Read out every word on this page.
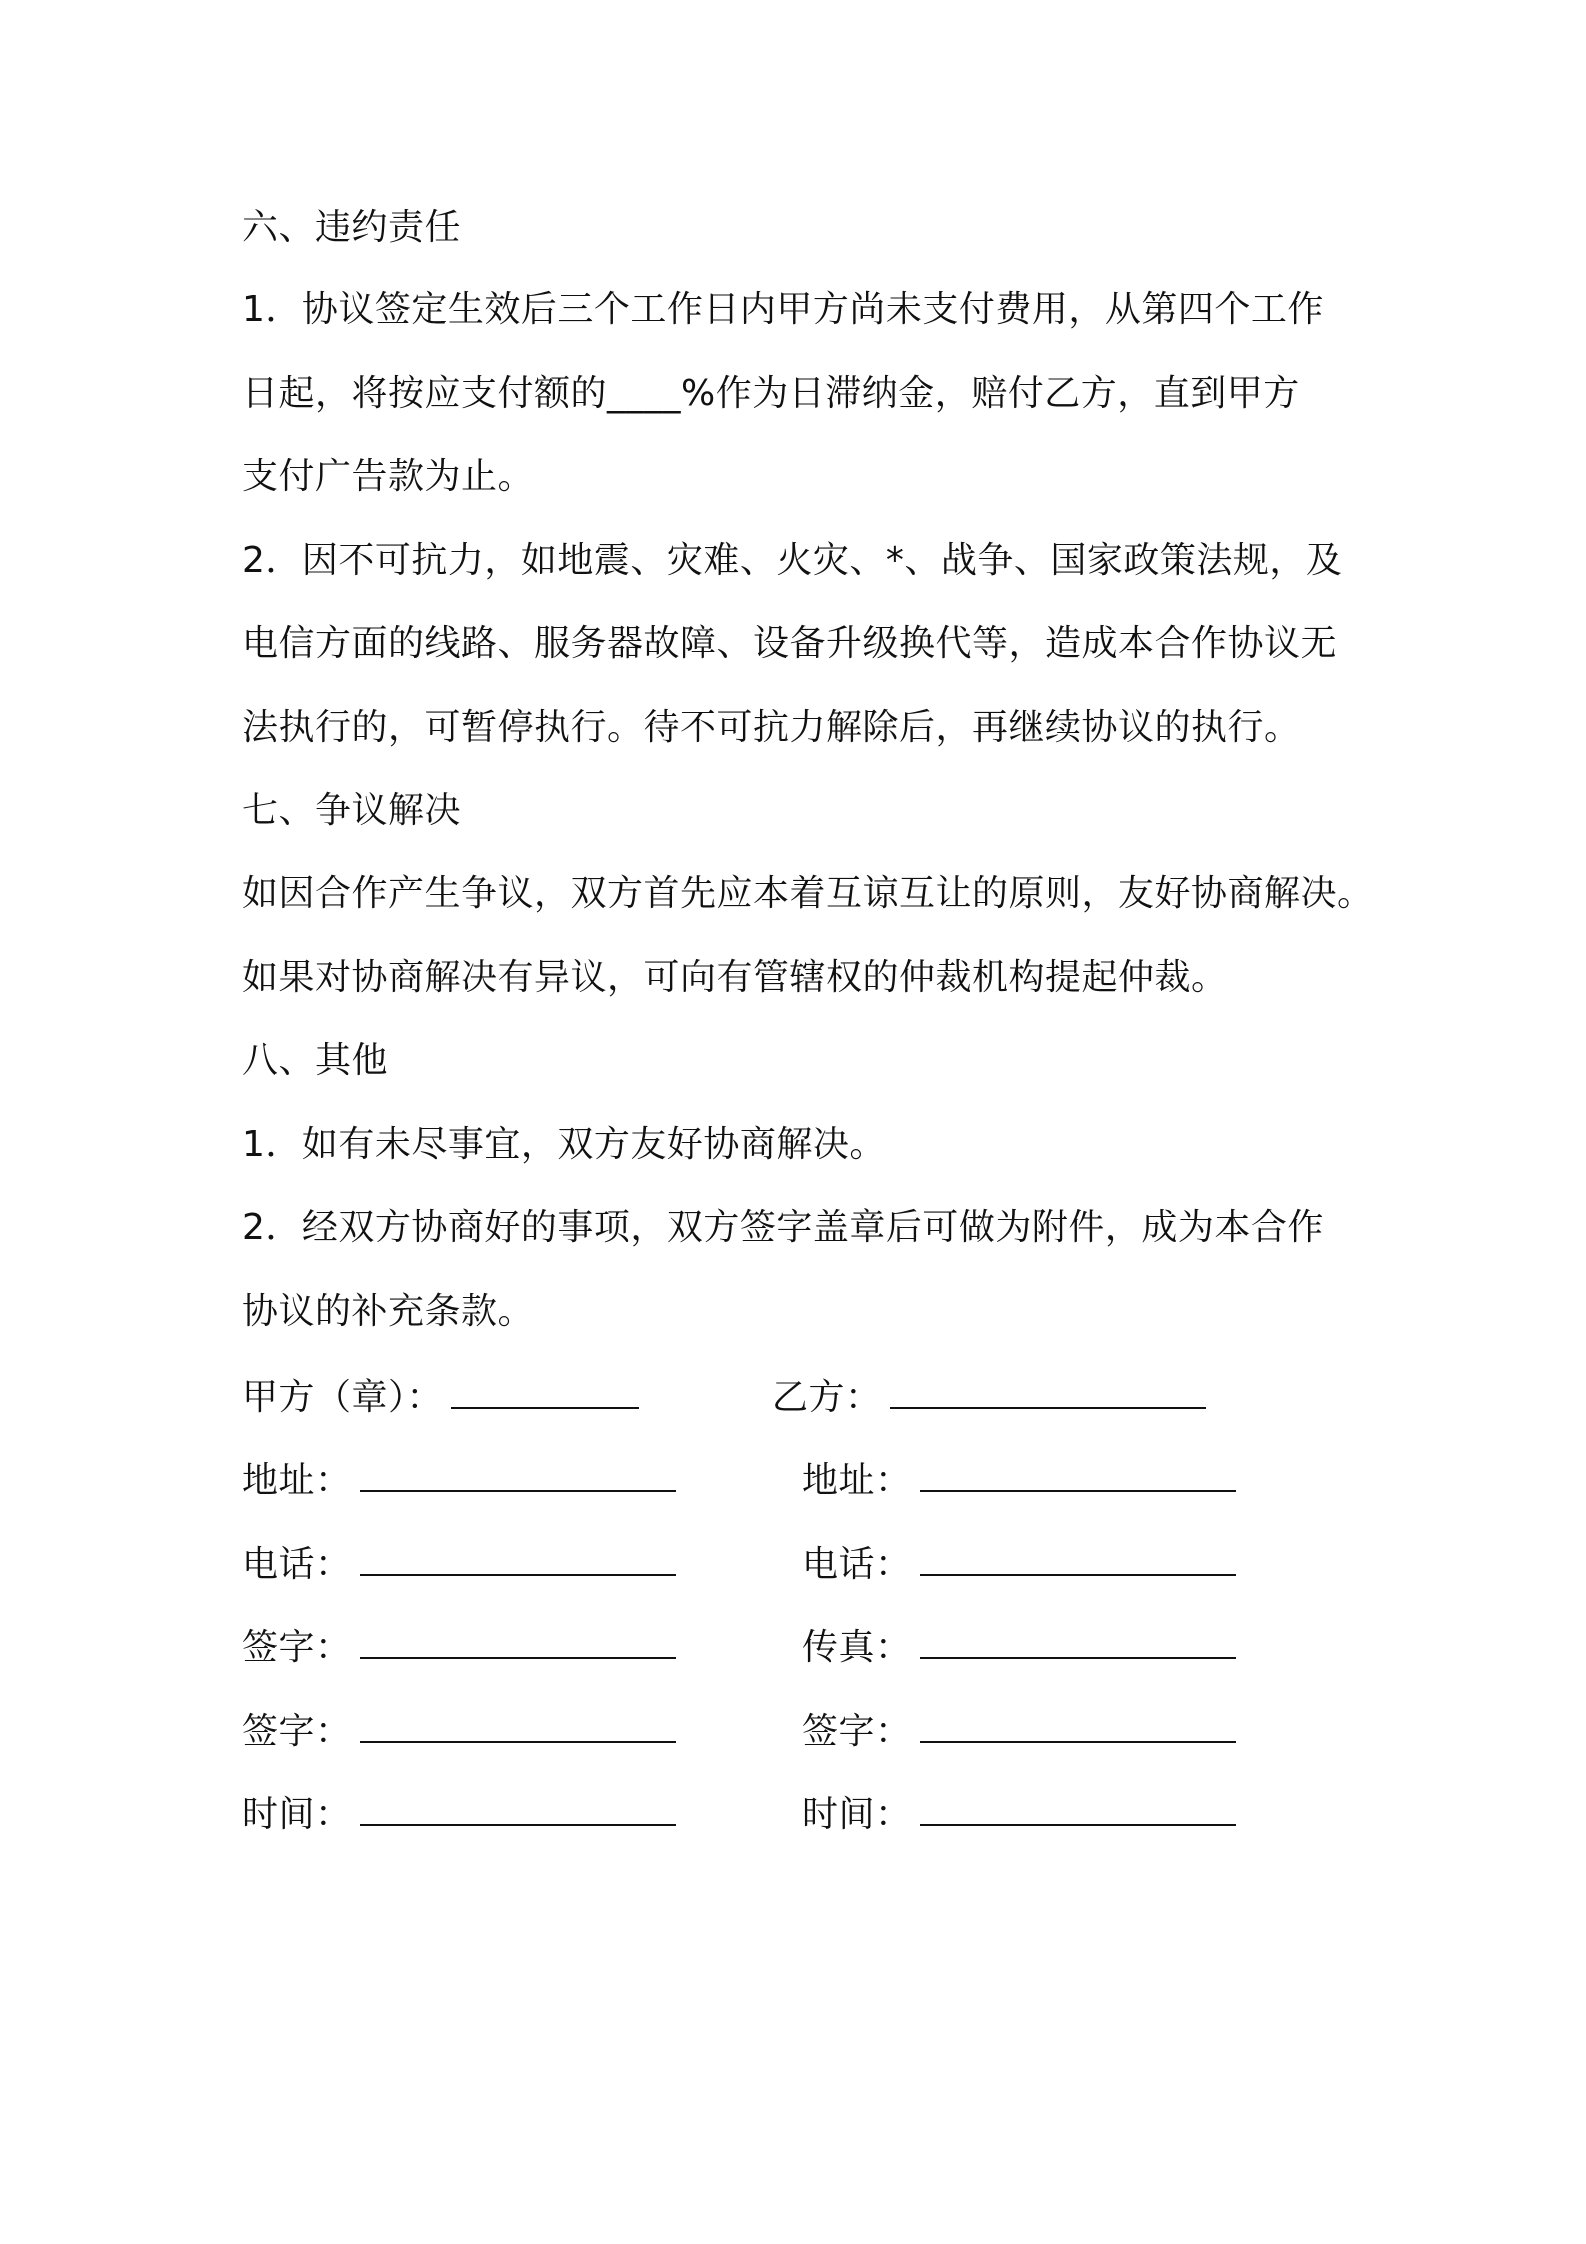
六、违约责任
1．协议签定生效后三个工作日内甲方尚未支付费用，从第四个工作
日起，将按应支付额的____%作为日滞纳金，赔付乙方，直到甲方
支付广告款为止。
2．因不可抗力，如地震、灾难、火灾、*、战争、国家政策法规，及
电信方面的线路、服务器故障、设备升级换代等，造成本合作协议无
法执行的，可暂停执行。待不可抗力解除后，再继续协议的执行。
七、争议解决
如因合作产生争议，双方首先应本着互谅互让的原则，友好协商解决。
如果对协商解决有异议，可向有管辖权的仲裁机构提起仲裁。
八、其他
1．如有未尽事宜，双方友好协商解决。
2．经双方协商好的事项，双方签字盖章后可做为附件，成为本合作
协议的补充条款。
甲方（章）：
地址：
电话：
签字：
签字：
时间：
乙方：
地址：
电话：
传真：
签字：
时间：
